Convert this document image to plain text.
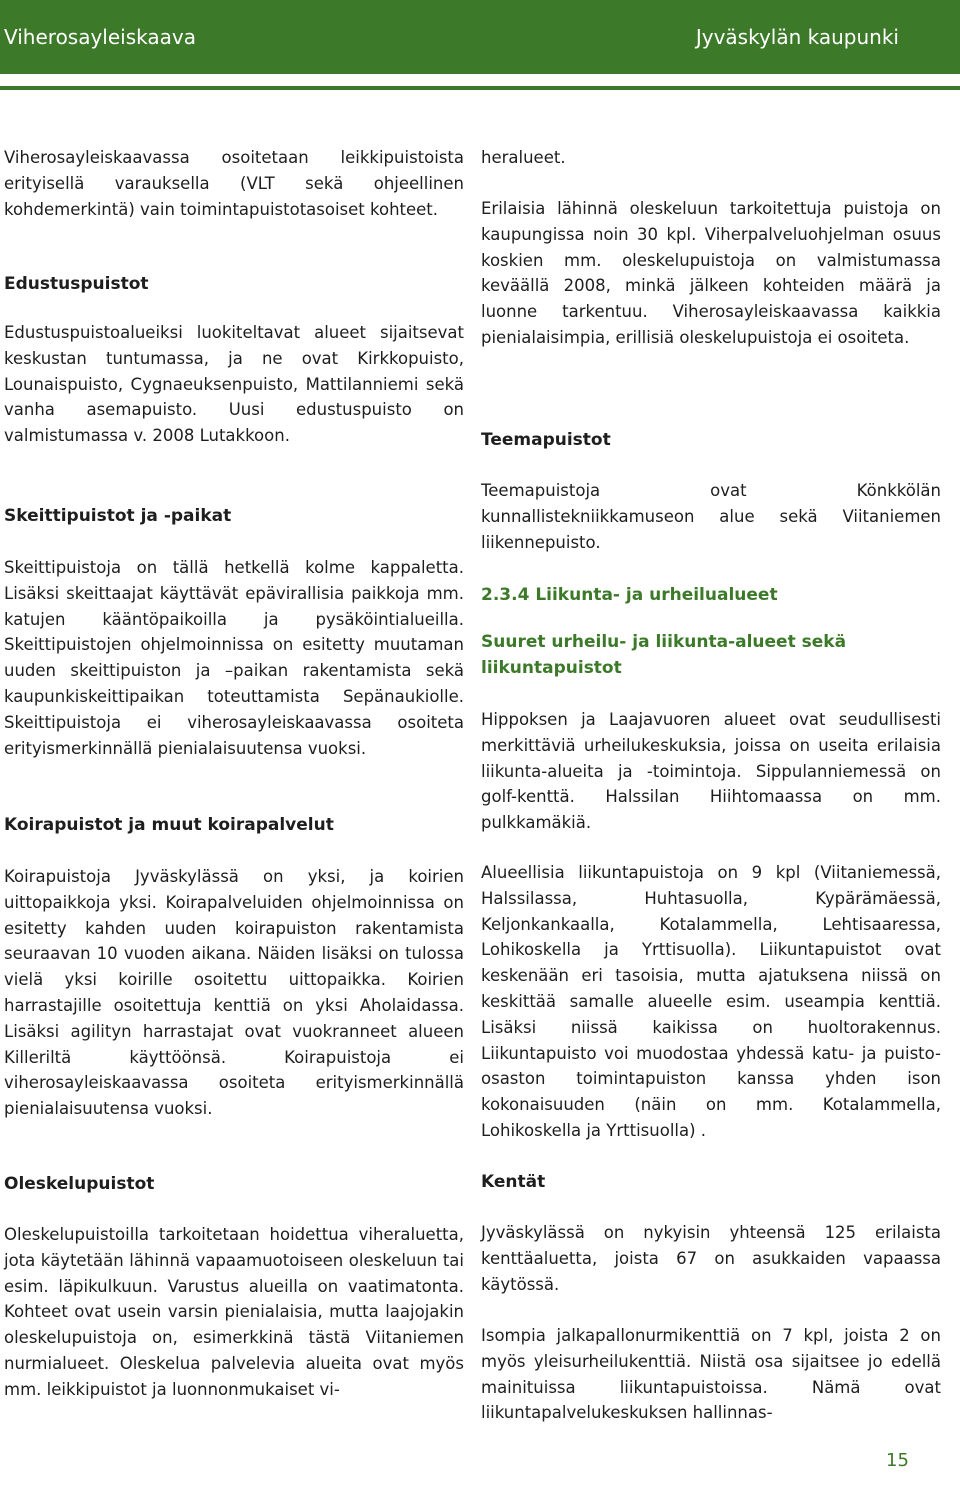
Viherosayleiskaava	Jyväskylän kaupunki

Viherosayleiskaavassa osoitetaan leikkipuistoista erityisellä varauksella (VLT sekä ohjeellinen kohdemerkintä) vain toimintapuistotasoiset kohteet.

Edustuspuistot

Edustuspuistoalueiksi luokiteltavat alueet sijaitsevat keskustan tuntumassa, ja ne ovat Kirkkopuisto, Lounaispuisto, Cygnaeuksenpuisto, Mattilanniemi sekä vanha asemapuisto. Uusi edustuspuisto on valmistumassa v. 2008 Lutakkoon.

Skeittipuistot ja -paikat

Skeittipuistoja on tällä hetkellä kolme kappaletta. Lisäksi skeittaajat käyttävät epävirallisia paikkoja mm. katujen kääntöpaikoilla ja pysäköintialueilla. Skeittipuistojen ohjelmoinnissa on esitetty muutaman uuden skeittipuiston ja –paikan rakentamista sekä kaupunkiskeittipaikan toteuttamista Sepänaukiolle. Skeittipuistoja ei viherosayleiskaavassa osoiteta erityismerkinnällä pienialaisuutensa vuoksi.

Koirapuistot ja muut koirapalvelut

Koirapuistoja Jyväskylässä on yksi, ja koirien uittopaikkoja yksi. Koirapalveluiden ohjelmoinnissa on esitetty kahden uuden koirapuiston rakentamista seuraavan 10 vuoden aikana. Näiden lisäksi on tulossa vielä yksi koirille osoitettu uittopaikka. Koirien harrastajille osoitettuja kenttiä on yksi Aholaidassa. Lisäksi agilityn harrastajat ovat vuokranneet alueen Killeriltä käyttöönsä. Koirapuistoja ei viherosayleiskaavassa osoiteta erityismerkinnällä pienialaisuutensa vuoksi.

Oleskelupuistot

Oleskelupuistoilla tarkoitetaan hoidettua viheraluetta, jota käytetään lähinnä vapaamuotoiseen oleskeluun tai esim. läpikulkuun. Varustus alueilla on vaatimatonta. Kohteet ovat usein varsin pienialaisia, mutta laajojakin oleskelupuistoja on, esimerkkinä tästä Viitaniemen nurmialueet. Oleskelua palvelevia alueita ovat myös mm. leikkipuistot ja luonnonmukaiset vi-

heralueet.

Erilaisia lähinnä oleskeluun tarkoitettuja puistoja on kaupungissa noin 30 kpl. Viherpalveluohjelman osuus koskien mm. oleskelupuistoja on valmistumassa keväällä 2008, minkä jälkeen kohteiden määrä ja luonne tarkentuu. Viherosayleiskaavassa kaikkia pienialaisimpia, erillisiä oleskelupuistoja ei osoiteta.

Teemapuistot

Teemapuistoja ovat Könkkölän kunnallistekniikkamuseon alue sekä Viitaniemen liikennepuisto.

2.3.4 Liikunta- ja urheilualueet
Suuret urheilu- ja liikunta-alueet sekä liikuntapuistot

Hippoksen ja Laajavuoren alueet ovat seudullisesti merkittäviä urheilukeskuksia, joissa on useita erilaisia liikunta-alueita ja -toimintoja. Sippulanniemessä on golf-kenttä. Halssilan Hiihtomaassa on mm. pulkkamäkiä.

Alueellisia liikuntapuistoja on 9 kpl (Viitaniemessä, Halssilassa, Huhtasuolla, Kypärämäessä, Keljonkankaalla, Kotalammella, Lehtisaaressa, Lohikoskella ja Yrttisuolla). Liikuntapuistot ovat keskenään eri tasoisia, mutta ajatuksena niissä on keskittää samalle alueelle esim. useampia kenttiä. Lisäksi niissä kaikissa on huoltorakennus. Liikuntapuisto voi muodostaa yhdessä katu- ja puisto-osaston toimintapuiston kanssa yhden ison kokonaisuuden (näin on mm. Kotalammella, Lohikoskella ja Yrttisuolla) .

Kentät

Jyväskylässä on nykyisin yhteensä 125 erilaista kenttäaluetta, joista 67 on asukkaiden vapaassa käytössä.

Isompia jalkapallonurmikenttiä on 7 kpl, joista 2 on myös yleisurheilukenttiä. Niistä osa sijaitsee jo edellä mainituissa liikuntapuistoissa. Nämä ovat liikuntapalvelukeskuksen hallinnas-

15
